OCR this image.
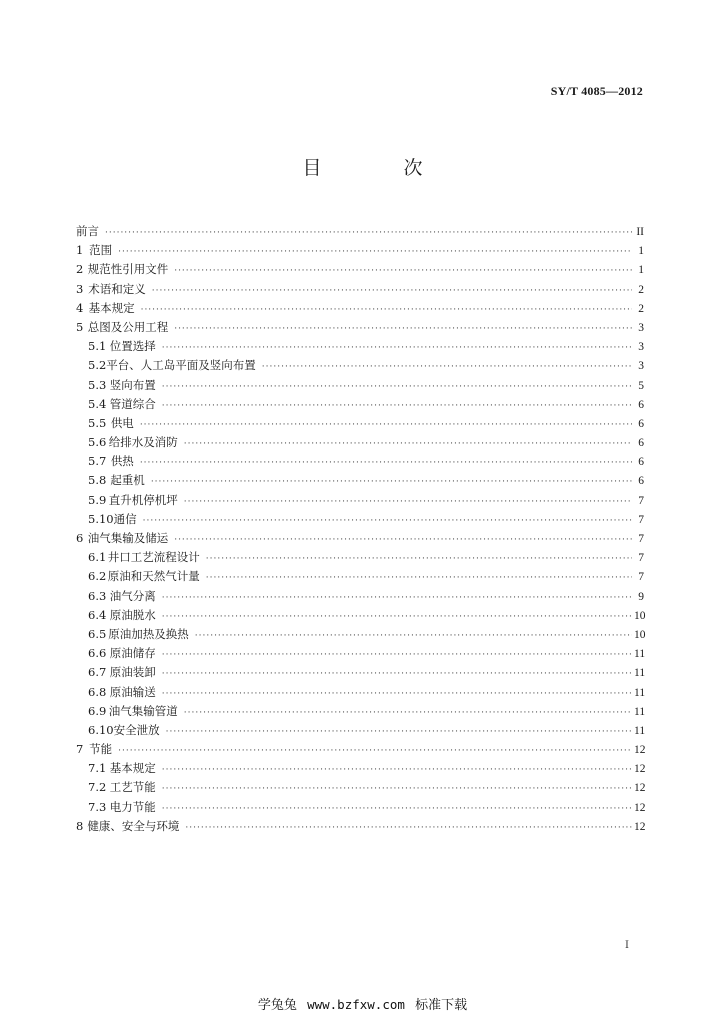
SY/T 4085—2012
目 次
前言 ·····	II
1 范围 ·····	1
2 规范性引用文件 ·····	1
3 术语和定义 ·····	2
4 基本规定 ·····	2
5 总图及公用工程 ·····	3
5.1 位置选择 ·····	3
5.2 平台、人工岛平面及竖向布置 ·····	3
5.3 竖向布置 ·····	5
5.4 管道综合 ·····	6
5.5 供电 ·····	6
5.6 给排水及消防 ·····	6
5.7 供热 ·····	6
5.8 起重机 ·····	6
5.9 直升机停机坪 ·····	7
5.10 通信 ·····	7
6 油气集输及储运 ·····	7
6.1 井口工艺流程设计 ·····	7
6.2 原油和天然气计量 ·····	7
6.3 油气分离 ·····	9
6.4 原油脱水 ·····	10
6.5 原油加热及换热 ·····	10
6.6 原油储存 ·····	11
6.7 原油装卸 ·····	11
6.8 原油输送 ·····	11
6.9 油气集输管道 ·····	11
6.10 安全泄放 ·····	11
7 节能 ·····	12
7.1 基本规定 ·····	12
7.2 工艺节能 ·····	12
7.3 电力节能 ·····	12
8 健康、安全与环境 ·····	12
I
学兔兔 www.bzfxw.com 标准下载
